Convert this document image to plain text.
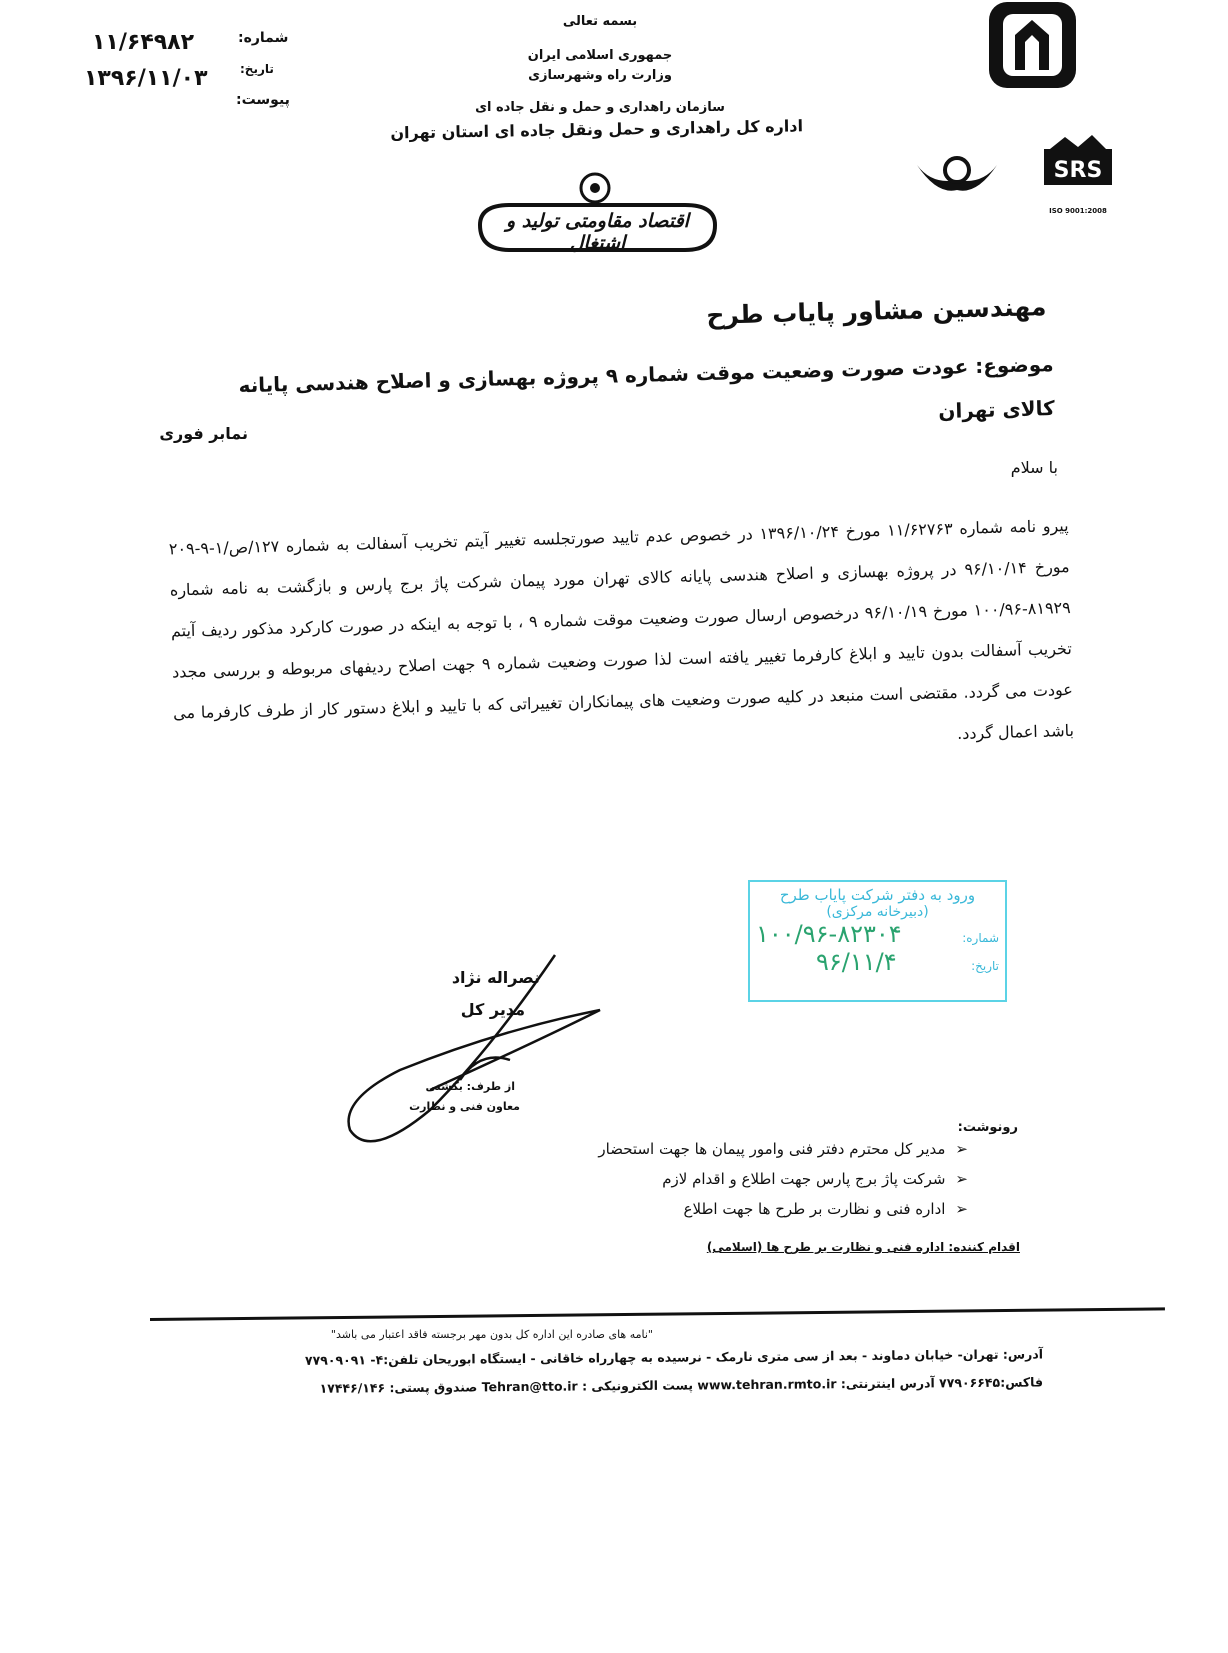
SRS
ISO 9001:2008
بسمه تعالی
جمهوری اسلامی ایران
وزارت راه وشهرسازی
سازمان راهداری و حمل و نقل جاده ای
اداره کل راهداری و حمل ونقل جاده ای استان تهران
اقتصاد مقاومتی تولید و اشتغال
شماره:
۱۱/۶۴۹۸۲
تاریخ:
۱۳۹۶/۱۱/۰۳
پیوست:
مهندسین مشاور پایاب طرح
موضوع: عودت صورت وضعیت موقت شماره ۹ پروژه بهسازی و اصلاح هندسی پایانه کالای تهران
نمابر فوری
با سلام
پیرو نامه شماره ۱۱/۶۲۷۶۳ مورخ ۱۳۹۶/۱۰/۲۴ در خصوص عدم تایید صورتجلسه تغییر آیتم تخریب آسفالت به شماره ۱۲۷/ص/۱-۹-۲۰۹ مورخ ۹۶/۱۰/۱۴ در پروژه بهسازی و اصلاح هندسی پایانه کالای تهران مورد پیمان شرکت پاژ برج پارس و بازگشت به نامه شماره ۸۱۹۲۹-۱۰۰/۹۶ مورخ ۹۶/۱۰/۱۹ درخصوص ارسال صورت وضعیت موقت شماره ۹ ، با توجه به اینکه در صورت کارکرد مذکور ردیف آیتم تخریب آسفالت بدون تایید و ابلاغ کارفرما تغییر یافته است لذا صورت وضعیت شماره ۹ جهت اصلاح ردیفهای مربوطه و بررسی مجدد عودت می گردد. مقتضی است منبعد در کلیه صورت وضعیت های پیمانکاران تغییراتی که با تایید و ابلاغ دستور کار از طرف کارفرما می باشد اعمال گردد.
ورود به دفتر شرکت پایاب طرح
(دبیرخانه مرکزی)
شماره:
۱۰۰/۹۶-۸۲۳۰۴
تاریخ:
۹۶/۱۱/۴
نصراله نژاد
مدیر کل
از طرف: بکشتی
معاون فنی و نظارت
رونوشت:
➢مدیر کل محترم دفتر فنی وامور پیمان ها جهت استحضار
➢شرکت پاژ برج پارس جهت اطلاع و اقدام لازم
➢اداره فنی و نظارت بر طرح ها جهت اطلاع
اقدام کننده: اداره فنی و نظارت بر طرح ها (اسلامی)
"نامه های صادره این اداره کل بدون مهر برجسته فاقد اعتبار می باشد"
آدرس: تهران- خیابان دماوند - بعد از سی متری نارمک - نرسیده به چهارراه خاقانی - ایستگاه ابوریحان تلفن:۴- ۷۷۹۰۹۰۹۱
فاکس:۷۷۹۰۶۶۴۵ آدرس اینترنتی: www.tehran.rmto.ir پست الکترونیکی : Tehran@tto.ir صندوق پستی: ۱۷۴۴۶/۱۴۶
